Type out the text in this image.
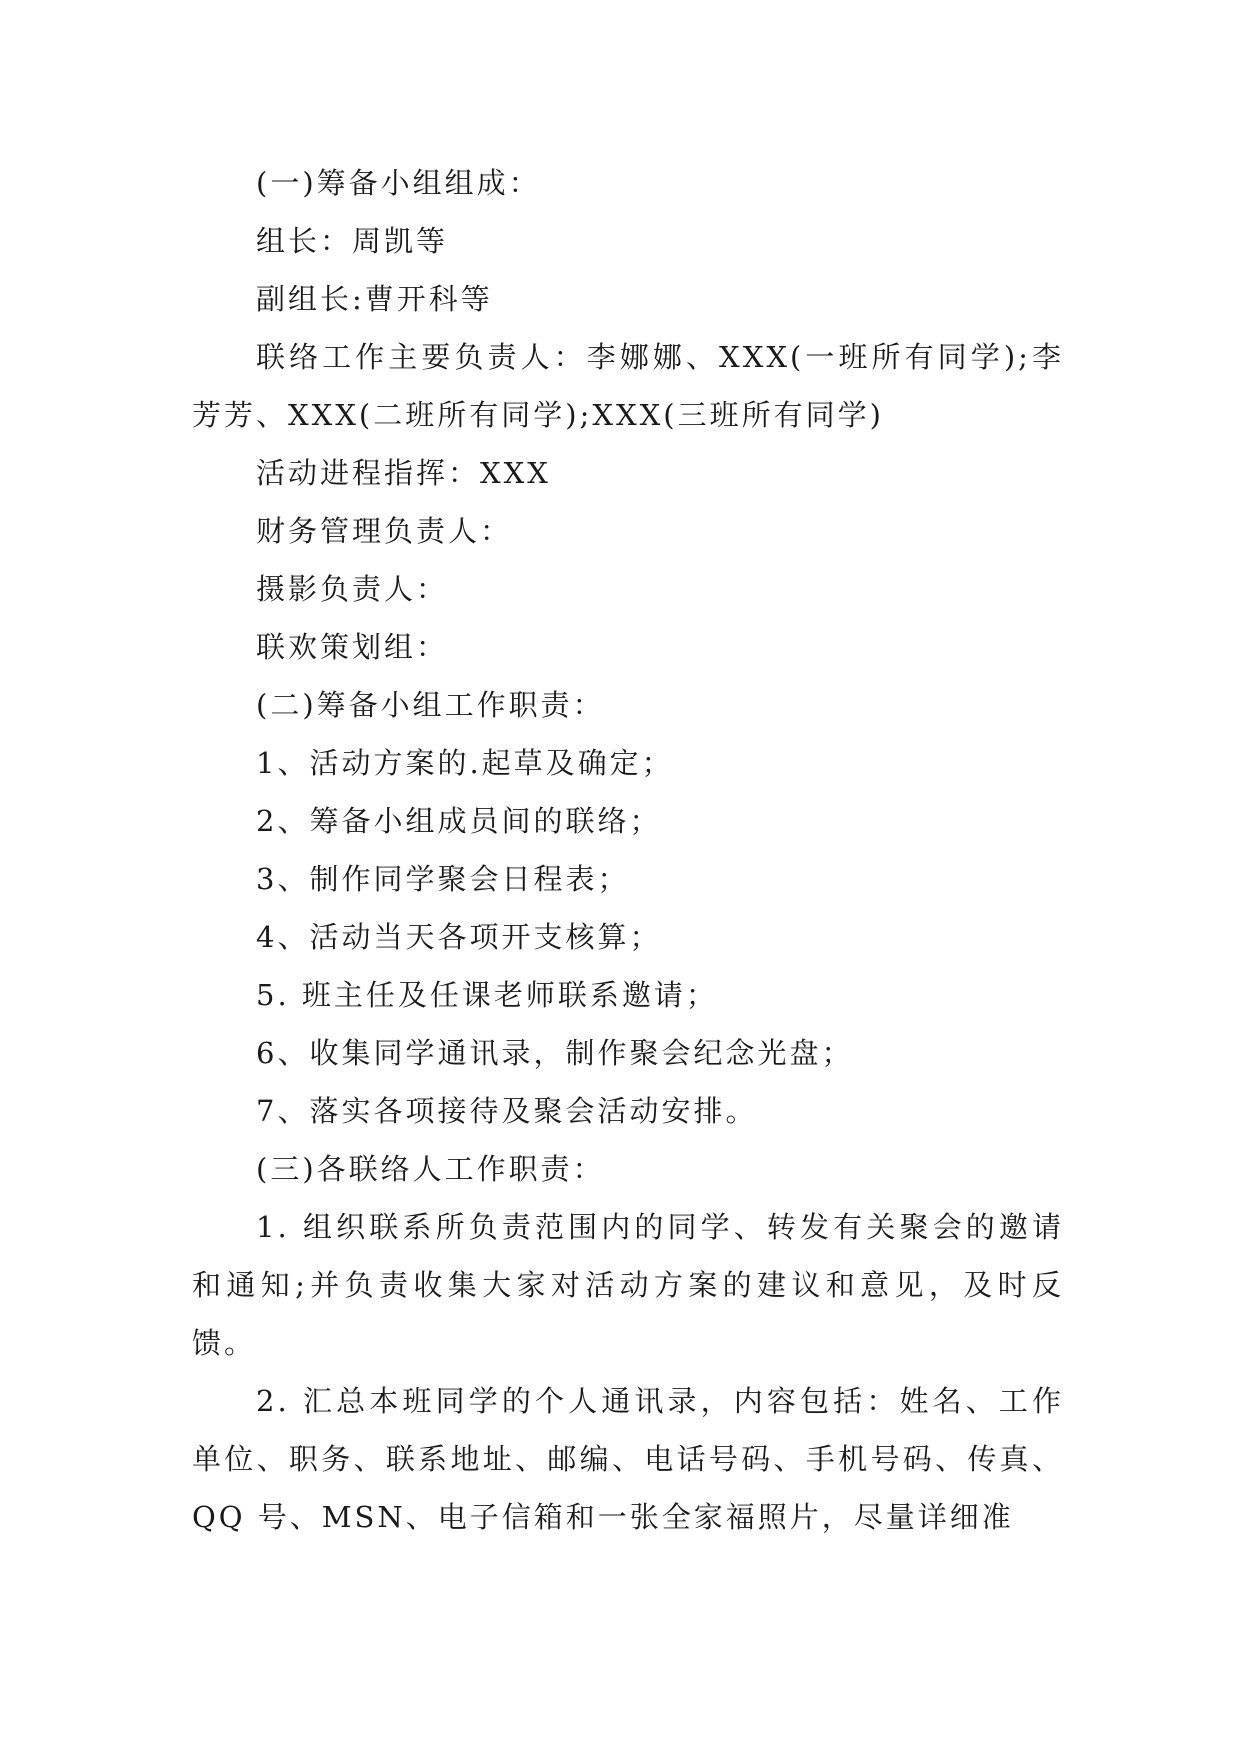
(一)筹备小组组成：

组长：周凯等

副组长:曹开科等

联络工作主要负责人：李娜娜、XXX(一班所有同学);李芳芳、XXX(二班所有同学);XXX(三班所有同学)

活动进程指挥：XXX

财务管理负责人：

摄影负责人：

联欢策划组：

(二)筹备小组工作职责：

1、活动方案的.起草及确定；

2、筹备小组成员间的联络；

3、制作同学聚会日程表；

4、活动当天各项开支核算；

5. 班主任及任课老师联系邀请；

6、收集同学通讯录，制作聚会纪念光盘；

7、落实各项接待及聚会活动安排。

(三)各联络人工作职责：

1. 组织联系所负责范围内的同学、转发有关聚会的邀请和通知;并负责收集大家对活动方案的建议和意见，及时反馈。

2. 汇总本班同学的个人通讯录，内容包括：姓名、工作单位、职务、联系地址、邮编、电话号码、手机号码、传真、QQ 号、MSN、电子信箱和一张全家福照片，尽量详细准
